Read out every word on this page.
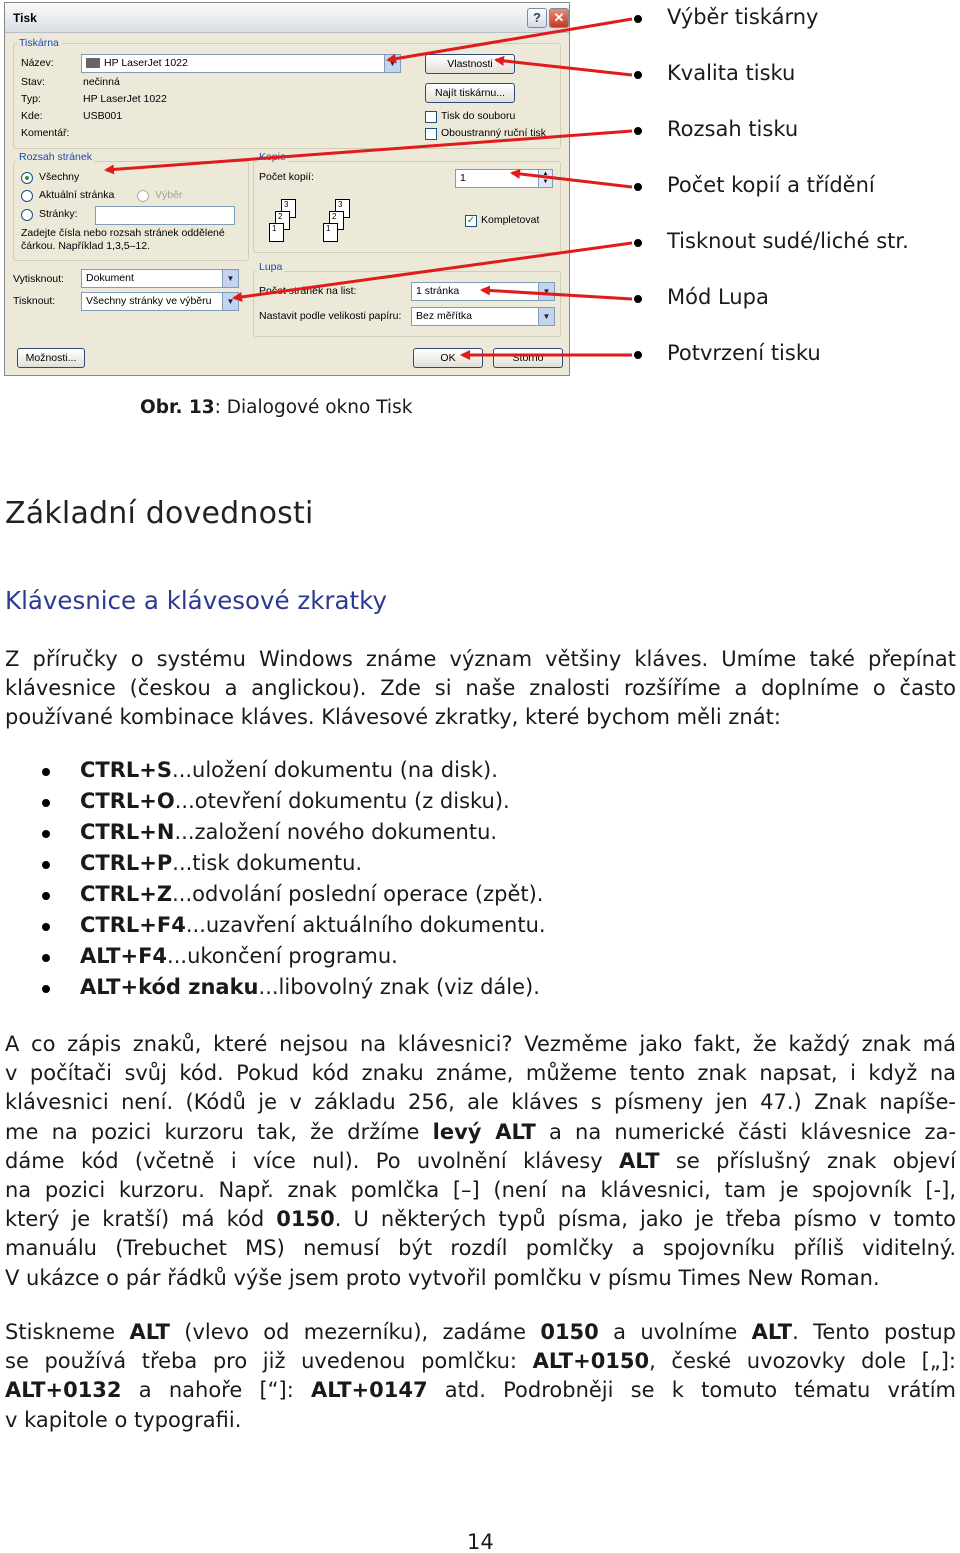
Tisk	? ✕
Tiskárna
Název:	HP LaserJet 1022	▼
Stav:	nečinná
Typ:	HP LaserJet 1022
Kde:	USB001
Komentář:
Vlastnosti
Najít tiskárnu...
Tisk do souboru
Oboustranný ruční tisk
Rozsah stránek
Všechny
Aktuální stránka	Výběr
Stránky:
Zadejte čísla nebo rozsah stránek oddělené čárkou. Například 1,3,5–12.
Vytisknout:	Dokument	▼
Tisknout:	Všechny stránky ve výběru	▼
Kopie
Počet kopií:	1	▲
▼
3
2
1
3
2
1
✓ Kompletovat
Lupa
Počet stránek na list:	1 stránka	▼
Nastavit podle velikosti papíru:	Bez měřítka	▼
Možnosti...	OK	Storno
Výběr tiskárny
Kvalita tisku
Rozsah tisku
Počet kopií a třídění
Tisknout sudé/liché str.
Mód Lupa
Potvrzení tisku
Obr. 13: Dialogové okno Tisk
Základní dovednosti
Klávesnice a klávesové zkratky
Z příručky o systému Windows známe význam většiny kláves. Umíme také přepínat
klávesnice (českou a anglickou). Zde si naše znalosti rozšíříme a doplníme o často
používané kombinace kláves. Klávesové zkratky, které bychom měli znát:
CTRL+S...uložení dokumentu (na disk).
CTRL+O...otevření dokumentu (z disku).
CTRL+N...založení nového dokumentu.
CTRL+P...tisk dokumentu.
CTRL+Z...odvolání poslední operace (zpět).
CTRL+F4...uzavření aktuálního dokumentu.
ALT+F4...ukončení programu.
ALT+kód znaku...libovolný znak (viz dále).
A co zápis znaků, které nejsou na klávesnici? Vezměme jako fakt, že každý znak má
v počítači svůj kód. Pokud kód znaku známe, můžeme tento znak napsat, i když na
klávesnici není. (Kódů je v základu 256, ale kláves s písmeny jen 47.) Znak napíše-
me na pozici kurzoru tak, že držíme levý ALT a na numerické části klávesnice za-
dáme kód (včetně i více nul). Po uvolnění klávesy ALT se příslušný znak objeví
na pozici kurzoru. Např. znak pomlčka [–] (není na klávesnici, tam je spojovník [-],
který je kratší) má kód 0150. U některých typů písma, jako je třeba písmo v tomto
manuálu (Trebuchet MS) nemusí být rozdíl pomlčky a spojovníku příliš viditelný.
V ukázce o pár řádků výše jsem proto vytvořil pomlčku v písmu Times New Roman.
Stiskneme ALT (vlevo od mezerníku), zadáme 0150 a uvolníme ALT. Tento postup
se používá třeba pro již uvedenou pomlčku: ALT+0150, české uvozovky dole [„]:
ALT+0132 a nahoře [“]: ALT+0147 atd. Podrobněji se k tomuto tématu vrátím
v kapitole o typografii.
14
